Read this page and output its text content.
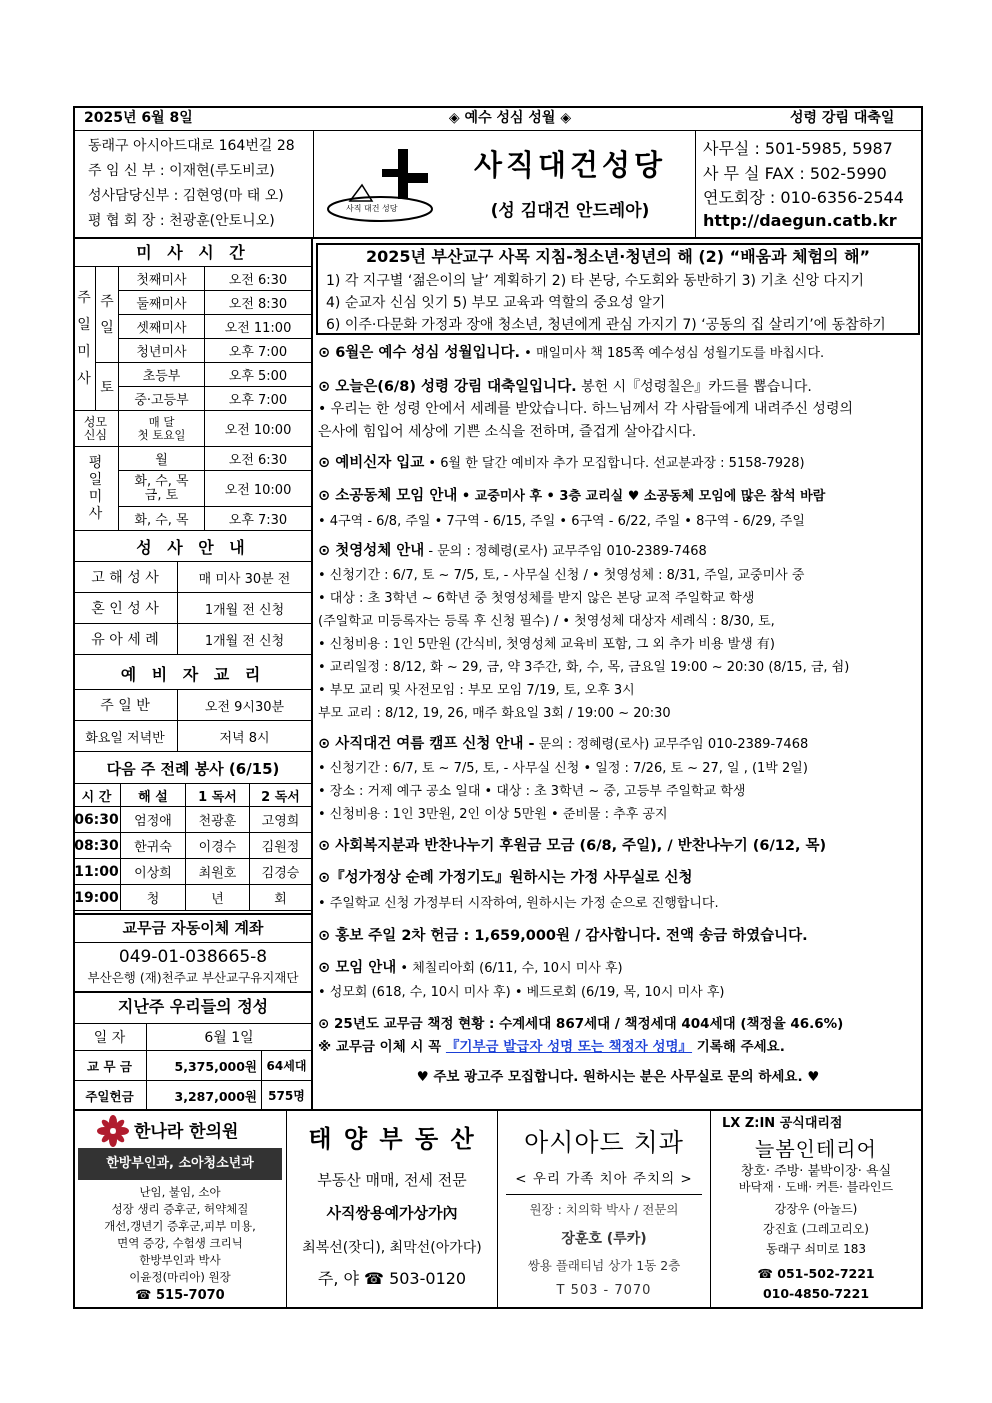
2025년 6월 8일	◈ 예수 성심 성월 ◈	성령 강림 대축일
동래구 아시아드대로 164번길 28
주 임 신 부 : 이재현(루도비코)
성사담당신부 : 김현영(마 태 오)
평 협 회 장 : 천광훈(안토니오)
사직 대건 성당
사직대건성당
(성 김대건 안드레아)
사무실 : 501-5985, 5987
사 무 실 FAX : 502-5990
연도회장 : 010-6356-2544
http://daegun.catb.kr
미 사 시 간
주
일
미
사	주
일	첫째미사	오전 6:30
		둘째미사	오전 8:30
		셋째미사	오전 11:00
		청년미사	오후 7:00
	토	초등부	오후 5:00
		중·고등부	오후 7:00
성모
신심		매 달
첫 토요일	오전 10:00
평
일
미
사		월	오전 6:30
		화, 수, 목
금, 토	오전 10:00
		화, 수, 목	오후 7:30
성 사 안 내
고 해 성 사	매 미사 30분 전
혼 인 성 사	1개월 전 신청
유 아 세 례	1개월 전 신청
예 비 자 교 리
주 일 반	오전 9시30분
화요일 저녁반	저녁 8시
다음 주 전례 봉사 (6/15)
시 간	해 설	1 독서	2 독서
06:30	엄정애	천광훈	고영희
08:30	한귀숙	이경수	김원정
11:00	이상희	최원호	김경승
19:00	청	년	회
교무금 자동이체 계좌
049-01-038665-8
부산은행 (재)천주교 부산교구유지재단
지난주 우리들의 정성
일 자	6월 1일	
교 무 금	5,375,000원	64세대
주일헌금	3,287,000원	575명
2025년 부산교구 사목 지침-청소년·청년의 해 (2) “배움과 체험의 해”
1) 각 지구별 ‘젊은이의 날’ 계획하기 2) 타 본당, 수도회와 동반하기 3) 기초 신앙 다지기
4) 순교자 신심 잇기 5) 부모 교육과 역할의 중요성 알기
6) 이주·다문화 가정과 장애 청소년, 청년에게 관심 가지기 7) ‘공동의 집 살리기’에 동참하기
⊙ 6월은 예수 성심 성월입니다. • 매일미사 책 185쪽 예수성심 성월기도를 바칩시다.
⊙ 오늘은(6/8) 성령 강림 대축일입니다. 봉헌 시『성령칠은』카드를 뽑습니다.
• 우리는 한 성령 안에서 세례를 받았습니다. 하느님께서 각 사람들에게 내려주신 성령의
은사에 힘입어 세상에 기쁜 소식을 전하며, 즐겁게 살아갑시다.
⊙ 예비신자 입교 • 6월 한 달간 예비자 추가 모집합니다. 선교분과장 : 5158-7928)
⊙ 소공동체 모임 안내 • 교중미사 후 • 3층 교리실 ♥ 소공동체 모임에 많은 참석 바람
• 4구역 - 6/8, 주일 • 7구역 - 6/15, 주일 • 6구역 - 6/22, 주일 • 8구역 - 6/29, 주일
⊙ 첫영성체 안내 - 문의 : 정혜령(로사) 교무주임 010-2389-7468
• 신청기간 : 6/7, 토 ~ 7/5, 토, - 사무실 신청 / • 첫영성체 : 8/31, 주일, 교중미사 중
• 대상 : 초 3학년 ~ 6학년 중 첫영성체를 받지 않은 본당 교적 주일학교 학생
(주일학교 미등록자는 등록 후 신청 필수) / • 첫영성체 대상자 세례식 : 8/30, 토,
• 신청비용 : 1인 5만원 (간식비, 첫영성체 교육비 포함, 그 외 추가 비용 발생 有)
• 교리일정 : 8/12, 화 ~ 29, 금, 약 3주간, 화, 수, 목, 금요일 19:00 ~ 20:30 (8/15, 금, 쉼)
• 부모 교리 및 사전모임 : 부모 모임 7/19, 토, 오후 3시
부모 교리 : 8/12, 19, 26, 매주 화요일 3회 / 19:00 ~ 20:30
⊙ 사직대건 여름 캠프 신청 안내 - 문의 : 정혜령(로사) 교무주임 010-2389-7468
• 신청기간 : 6/7, 토 ~ 7/5, 토, - 사무실 신청 • 일정 : 7/26, 토 ~ 27, 일 , (1박 2일)
• 장소 : 거제 예구 공소 일대 • 대상 : 초 3학년 ~ 중, 고등부 주일학교 학생
• 신청비용 : 1인 3만원, 2인 이상 5만원 • 준비물 : 추후 공지
⊙ 사회복지분과 반찬나누기 후원금 모금 (6/8, 주일), / 반찬나누기 (6/12, 목)
⊙『성가정상 순례 가정기도』원하시는 가정 사무실로 신청
• 주일학교 신청 가정부터 시작하여, 원하시는 가정 순으로 진행합니다.
⊙ 홍보 주일 2차 헌금 : 1,659,000원 / 감사합니다. 전액 송금 하였습니다.
⊙ 모임 안내 • 체칠리아회 (6/11, 수, 10시 미사 후)
• 성모회 (618, 수, 10시 미사 후) • 베드로회 (6/19, 목, 10시 미사 후)
⊙ 25년도 교무금 책정 현황 : 수계세대 867세대 / 책정세대 404세대 (책정율 46.6%)
※ 교무금 이체 시 꼭 『기부금 발급자 성명 또는 책정자 성명』 기록해 주세요.
♥ 주보 광고주 모집합니다. 원하시는 분은 사무실로 문의 하세요. ♥
한나라 한의원
한방부인과, 소아청소년과
난임, 불임, 소아
성장 생리 증후군, 허약체질
개선,갱년기 증후군,피부 미용,
면역 증강, 수험생 크리닉
한방부인과 박사
이윤정(마리아) 원장
☎ 515-7070
태 양 부 동 산
부동산 매매, 전세 전문
사직쌍용예가상가內
최복선(잣디), 최막선(아가다)
주, 야 ☎ 503-0120
아시아드 치과
< 우리 가족 치아 주치의 >
원장 : 치의학 박사 / 전문의
장훈호 (루카)
쌍용 플래티넘 상가 1동 2층
T 503 - 7070
LX Z:IN 공식대리점
늘봄인테리어
창호· 주방· 붙박이장· 욕실
바닥재 · 도배· 커튼· 블라인드
강장우 (아놀드)
강진효 (그레고리오)
동래구 쇠미로 183
☎ 051-502-7221
010-4850-7221
